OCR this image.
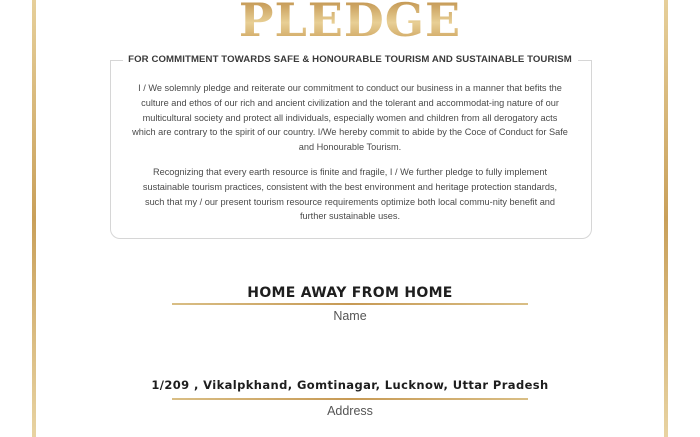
PLEDGE

FOR COMMITMENT TOWARDS SAFE & HONOURABLE TOURISM AND SUSTAINABLE TOURISM

I / We solemnly pledge and reiterate our commitment to conduct our business in a manner that befits the culture and ethos of our rich and ancient civilization and the tolerant and accommodat-ing nature of our multicultural society and protect all individuals, especially women and children from all derogatory acts which are contrary to the spirit of our country. I/We hereby commit to abide by the Coce of Conduct for Safe and Honourable Tourism.

Recognizing that every earth resource is finite and fragile, I / We further pledge to fully implement sustainable tourism practices, consistent with the best environment and heritage protection standards, such that my / our present tourism resource requirements optimize both local commu-nity benefit and further sustainable uses.

HOME AWAY FROM HOME

Name

1/209 , Vikalpkhand, Gomtinagar, Lucknow, Uttar Pradesh

Address
